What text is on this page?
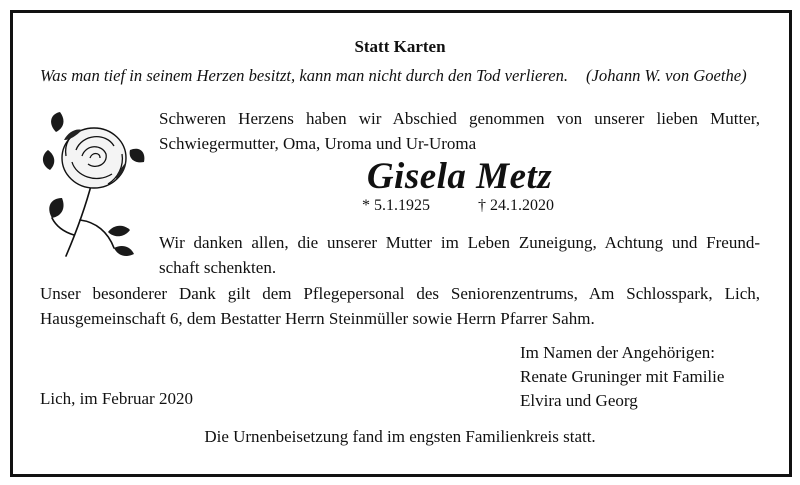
Statt Karten
Was man tief in seinem Herzen besitzt, kann man nicht durch den Tod verlieren. (Johann W. von Goethe)
Schweren Herzens haben wir Abschied genommen von unserer lieben Mutter,
Schwiegermutter, Oma, Uroma und Ur-Uroma
Gisela Metz
* 5.1.1925	† 24.1.2020
Wir danken allen, die unserer Mutter im Leben Zuneigung, Achtung und Freund-
schaft schenkten.
Unser besonderer Dank gilt dem Pflegepersonal des Seniorenzentrums, Am Schlosspark, Lich,
Hausgemeinschaft 6, dem Bestatter Herrn Steinmüller sowie Herrn Pfarrer Sahm.
Im Namen der Angehörigen:
Renate Gruninger mit Familie
Elvira und Georg
Lich, im Februar 2020
Die Urnenbeisetzung fand im engsten Familienkreis statt.
